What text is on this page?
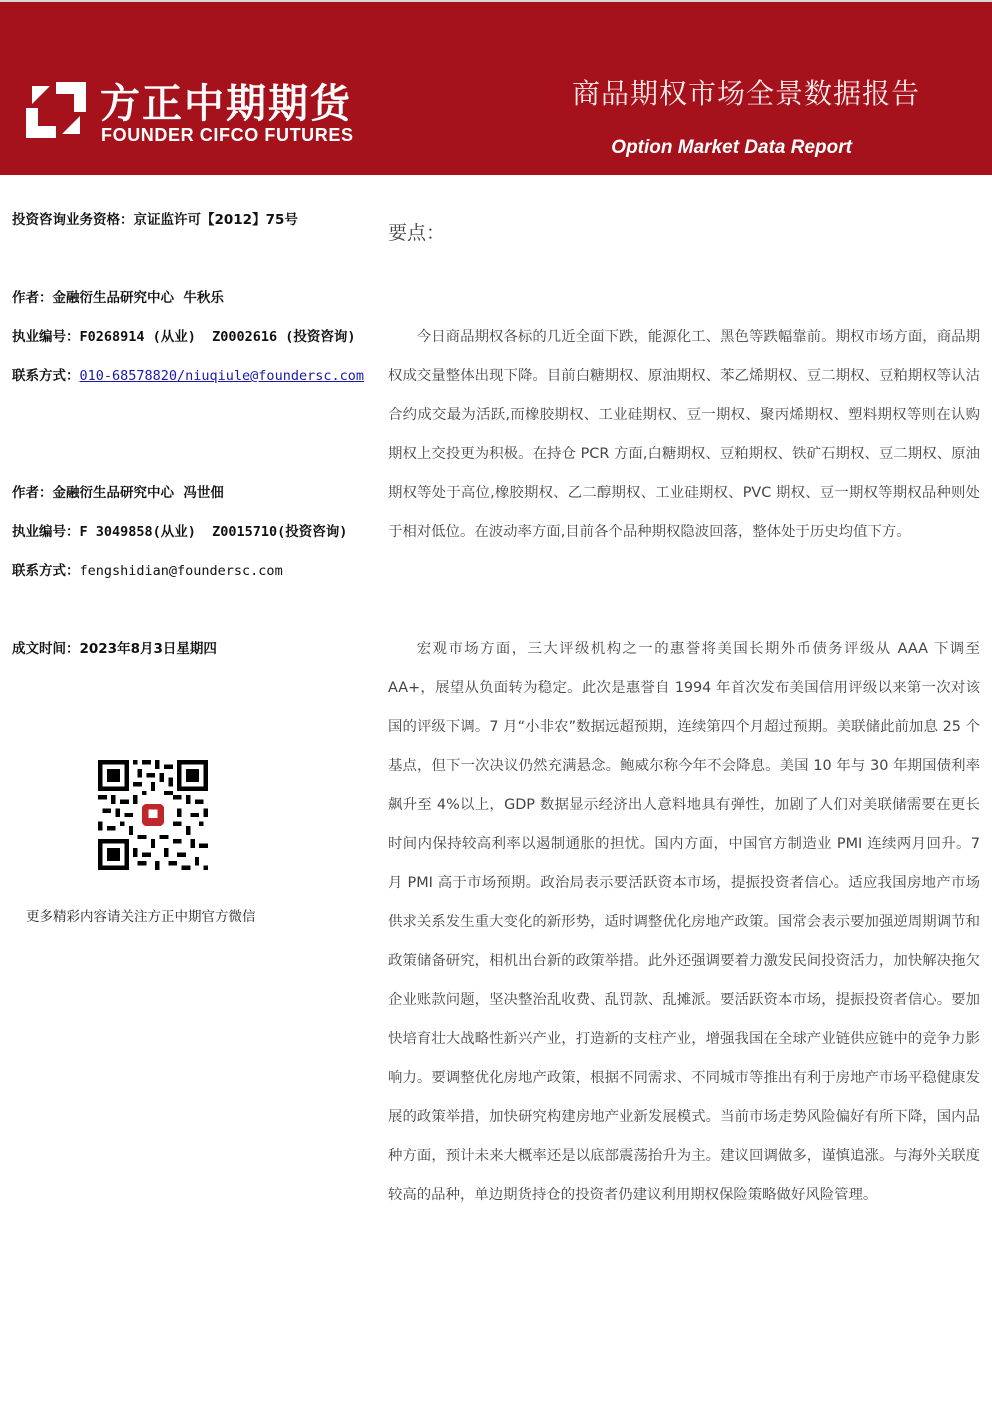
方正中期期货
FOUNDER CIFCO FUTURES
商品期权市场全景数据报告
Option Market Data Report
投资咨询业务资格：京证监许可【2012】75号
作者：金融衍生品研究中心  牛秋乐
执业编号：F0268914 (从业)  Z0002616 (投资咨询)
联系方式：010-68578820/niuqiule@foundersc.com
作者：金融衍生品研究中心  冯世佃
执业编号：F 3049858(从业)  Z0015710(投资咨询)
联系方式：fengshidian@foundersc.com
成文时间：2023年8月3日星期四
更多精彩内容请关注方正中期官方微信
要点：

今日商品期权各标的几近全面下跌，能源化工、黑色等跌幅靠前。期权市场方面，商品期权成交量整体出现下降。目前白糖期权、原油期权、苯乙烯期权、豆二期权、豆粕期权等认沽合约成交最为活跃,而橡胶期权、工业硅期权、豆一期权、聚丙烯期权、塑料期权等则在认购期权上交投更为积极。在持仓 PCR 方面,白糖期权、豆粕期权、铁矿石期权、豆二期权、原油期权等处于高位,橡胶期权、乙二醇期权、工业硅期权、PVC 期权、豆一期权等期权品种则处于相对低位。在波动率方面,目前各个品种期权隐波回落，整体处于历史均值下方。

宏观市场方面，三大评级机构之一的惠誉将美国长期外币债务评级从 AAA 下调至 AA+，展望从负面转为稳定。此次是惠誉自 1994 年首次发布美国信用评级以来第一次对该国的评级下调。7 月“小非农”数据远超预期，连续第四个月超过预期。美联储此前加息 25 个基点，但下一次决议仍然充满悬念。鲍威尔称今年不会降息。美国 10 年与 30 年期国债利率飙升至 4%以上，GDP 数据显示经济出人意料地具有弹性，加剧了人们对美联储需要在更长时间内保持较高利率以遏制通胀的担忧。国内方面，中国官方制造业 PMI 连续两月回升。7 月 PMI 高于市场预期。政治局表示要活跃资本市场，提振投资者信心。适应我国房地产市场供求关系发生重大变化的新形势，适时调整优化房地产政策。国常会表示要加强逆周期调节和政策储备研究，相机出台新的政策举措。此外还强调要着力激发民间投资活力，加快解决拖欠企业账款问题，坚决整治乱收费、乱罚款、乱摊派。要活跃资本市场，提振投资者信心。要加快培育壮大战略性新兴产业，打造新的支柱产业，增强我国在全球产业链供应链中的竞争力影响力。要调整优化房地产政策，根据不同需求、不同城市等推出有利于房地产市场平稳健康发展的政策举措，加快研究构建房地产业新发展模式。当前市场走势风险偏好有所下降，国内品种方面，预计未来大概率还是以底部震荡抬升为主。建议回调做多，谨慎追涨。与海外关联度较高的品种，单边期货持仓的投资者仍建议利用期权保险策略做好风险管理。
